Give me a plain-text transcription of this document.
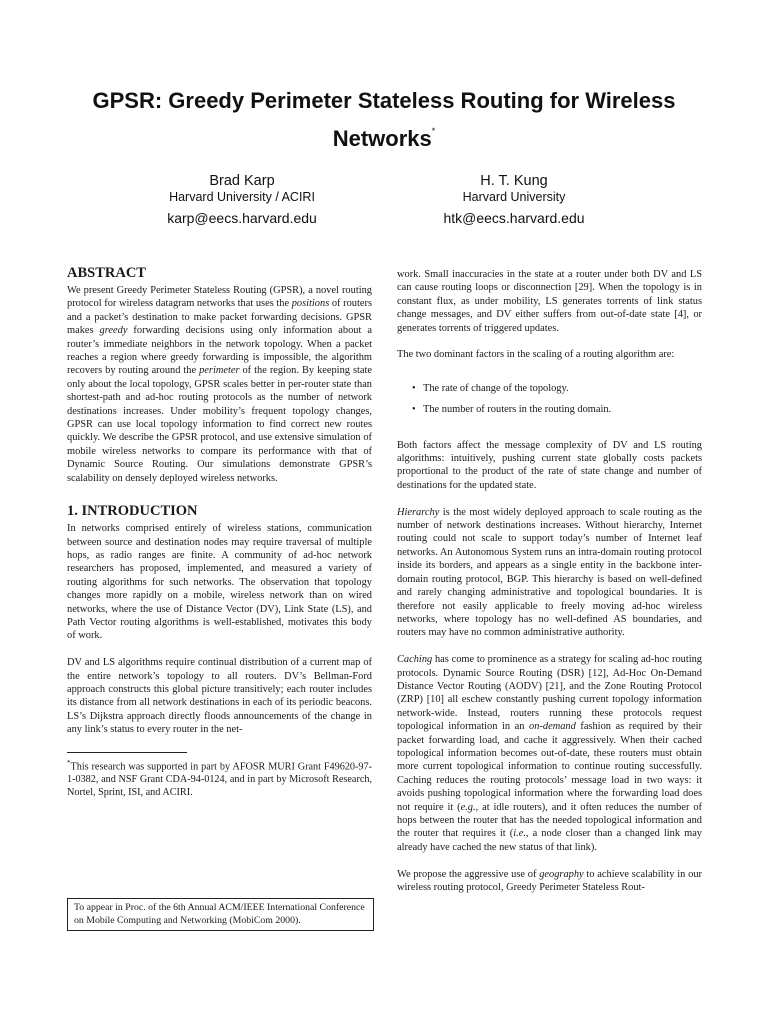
GPSR: Greedy Perimeter Stateless Routing for Wireless
Networks*
Brad Karp
Harvard University / ACIRI
karp@eecs.harvard.edu
H. T. Kung
Harvard University
htk@eecs.harvard.edu
ABSTRACT

We present Greedy Perimeter Stateless Routing (GPSR), a novel routing protocol for wireless datagram networks that uses the positions of routers and a packet’s destination to make packet forwarding decisions. GPSR makes greedy forwarding decisions using only information about a router’s immediate neighbors in the network topology. When a packet reaches a region where greedy forwarding is impossible, the algorithm recovers by routing around the perimeter of the region. By keeping state only about the local topology, GPSR scales better in per-router state than shortest-path and ad-hoc routing protocols as the number of network destinations increases. Under mobility’s frequent topology changes, GPSR can use local topology information to find correct new routes quickly. We describe the GPSR protocol, and use extensive simulation of mobile wireless networks to compare its performance with that of Dynamic Source Routing. Our simulations demonstrate GPSR’s scalability on densely deployed wireless networks.

1. INTRODUCTION

In networks comprised entirely of wireless stations, communication between source and destination nodes may require traversal of multiple hops, as radio ranges are finite. A community of ad-hoc network researchers has proposed, implemented, and measured a variety of routing algorithms for such networks. The observation that topology changes more rapidly on a mobile, wireless network than on wired networks, where the use of Distance Vector (DV), Link State (LS), and Path Vector routing algorithms is well-established, motivates this body of work.

DV and LS algorithms require continual distribution of a current map of the entire network’s topology to all routers. DV’s Bellman-Ford approach constructs this global picture transitively; each router includes its distance from all network destinations in each of its periodic beacons. LS’s Dijkstra approach directly floods announcements of the change in any link’s status to every router in the net-

*This research was supported in part by AFOSR MURI Grant F49620-97-1-0382, and NSF Grant CDA-94-0124, and in part by Microsoft Research, Nortel, Sprint, ISI, and ACIRI.
To appear in Proc. of the 6th Annual ACM/IEEE International Conference on Mobile Computing and Networking (MobiCom 2000).

work. Small inaccuracies in the state at a router under both DV and LS can cause routing loops or disconnection [29]. When the topology is in constant flux, as under mobility, LS generates torrents of link status change messages, and DV either suffers from out-of-date state [4], or generates torrents of triggered updates.

The two dominant factors in the scaling of a routing algorithm are:

• The rate of change of the topology.
• The number of routers in the routing domain.

Both factors affect the message complexity of DV and LS routing algorithms: intuitively, pushing current state globally costs packets proportional to the product of the rate of state change and number of destinations for the updated state.

Hierarchy is the most widely deployed approach to scale routing as the number of network destinations increases. Without hierarchy, Internet routing could not scale to support today’s number of Internet leaf networks. An Autonomous System runs an intra-domain routing protocol inside its borders, and appears as a single entity in the backbone inter-domain routing protocol, BGP. This hierarchy is based on well-defined and rarely changing administrative and topological boundaries. It is therefore not easily applicable to freely moving ad-hoc wireless networks, where topology has no well-defined AS boundaries, and routers may have no common administrative authority.

Caching has come to prominence as a strategy for scaling ad-hoc routing protocols. Dynamic Source Routing (DSR) [12], Ad-Hoc On-Demand Distance Vector Routing (AODV) [21], and the Zone Routing Protocol (ZRP) [10] all eschew constantly pushing current topology information network-wide. Instead, routers running these protocols request topological information in an on-demand fashion as required by their packet forwarding load, and cache it aggressively. When their cached topological information becomes out-of-date, these routers must obtain more current topological information to continue routing successfully. Caching reduces the routing protocols’ message load in two ways: it avoids pushing topological information where the forwarding load does not require it (e.g., at idle routers), and it often reduces the number of hops between the router that has the needed topological information and the router that requires it (i.e., a node closer than a changed link may already have cached the new status of that link).

We propose the aggressive use of geography to achieve scalability in our wireless routing protocol, Greedy Perimeter Stateless Rout-
